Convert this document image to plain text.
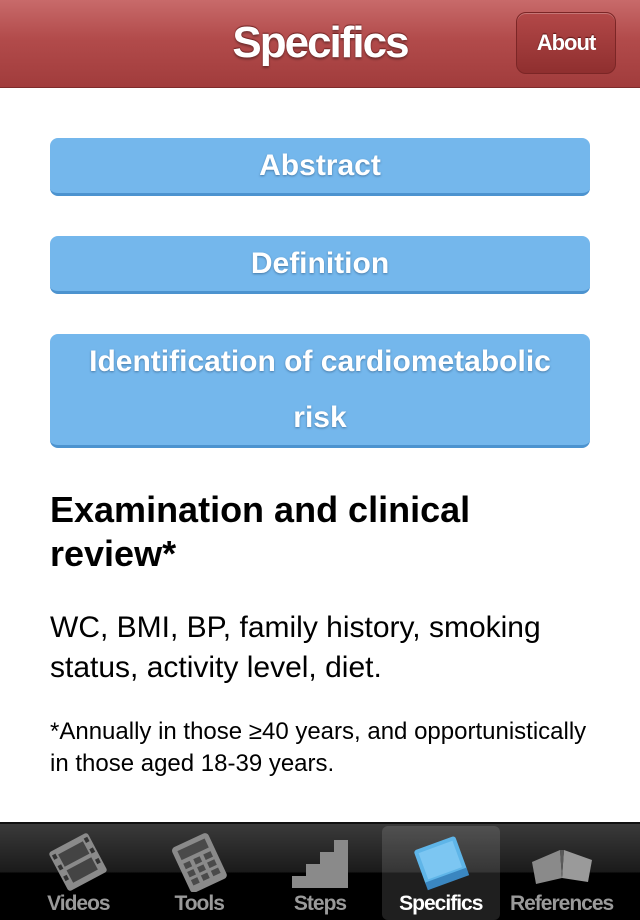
Specifics	About
Abstract
Definition
Identification of cardiometabolic risk
Examination and clinical review*
WC, BMI, BP, family history, smoking status, activity level, diet.
*Annually in those ≥40 years, and opportunistically in those aged 18-39 years.
Videos	Tools	Steps	Specifics References
